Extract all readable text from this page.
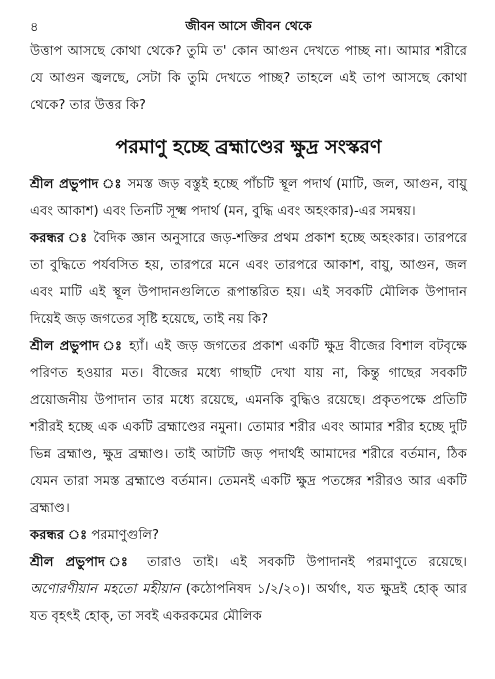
৪	জীবন আসে জীবন থেকে

উত্তাপ আসছে কোথা থেকে? তুমি ত' কোন আগুন দেখতে পাচ্ছ না। আমার শরীরে যে আগুন জ্বলছে, সেটা কি তুমি দেখতে পাচ্ছ? তাহলে এই তাপ আসছে কোথা থেকে? তার উত্তর কি?

পরমাণু হচ্ছে ব্রহ্মাণ্ডের ক্ষুদ্র সংস্করণ

শ্রীল প্রভুপাদ ঃ সমস্ত জড় বস্তুই হচ্ছে পাঁচটি স্থূল পদার্থ (মাটি, জল, আগুন, বায়ু এবং আকাশ) এবং তিনটি সূক্ষ্ম পদার্থ (মন, বুদ্ধি এবং অহংকার)-এর সমন্বয়।

করন্ধর ঃ বৈদিক জ্ঞান অনুসারে জড়-শক্তির প্রথম প্রকাশ হচ্ছে অহংকার। তারপরে তা বুদ্ধিতে পর্যবসিত হয়, তারপরে মনে এবং তারপরে আকাশ, বায়ু, আগুন, জল এবং মাটি এই স্থূল উপাদানগুলিতে রূপান্তরিত হয়। এই সবকটি মৌলিক উপাদান দিয়েই জড় জগতের সৃষ্টি হয়েছে, তাই নয় কি?

শ্রীল প্রভুপাদ ঃ হ্যাঁ। এই জড় জগতের প্রকাশ একটি ক্ষুদ্র বীজের বিশাল বটবৃক্ষে পরিণত হওয়ার মত। বীজের মধ্যে গাছটি দেখা যায় না, কিন্তু গাছের সবকটি প্রয়োজনীয় উপাদান তার মধ্যে রয়েছে, এমনকি বুদ্ধিও রয়েছে। প্রকৃতপক্ষে প্রতিটি শরীরই হচ্ছে এক একটি ব্রহ্মাণ্ডের নমুনা। তোমার শরীর এবং আমার শরীর হচ্ছে দুটি ভিন্ন ব্রহ্মাণ্ড, ক্ষুদ্র ব্রহ্মাণ্ড। তাই আটটি জড় পদার্থই আমাদের শরীরে বর্তমান, ঠিক যেমন তারা সমস্ত ব্রহ্মাণ্ডে বর্তমান। তেমনই একটি ক্ষুদ্র পতঙ্গের শরীরও আর একটি ব্রহ্মাণ্ড।

করন্ধর ঃ পরমাণুগুলি?

শ্রীল প্রভুপাদ ঃ তারাও তাই। এই সবকটি উপাদানই পরমাণুতে রয়েছে। অণোরণীয়ান মহতো মহীয়ান (কঠোপনিষদ ১/২/২০)। অর্থাৎ, যত ক্ষুদ্রই হোক্ আর যত বৃহৎই হোক্, তা সবই একরকমের মৌলিক
